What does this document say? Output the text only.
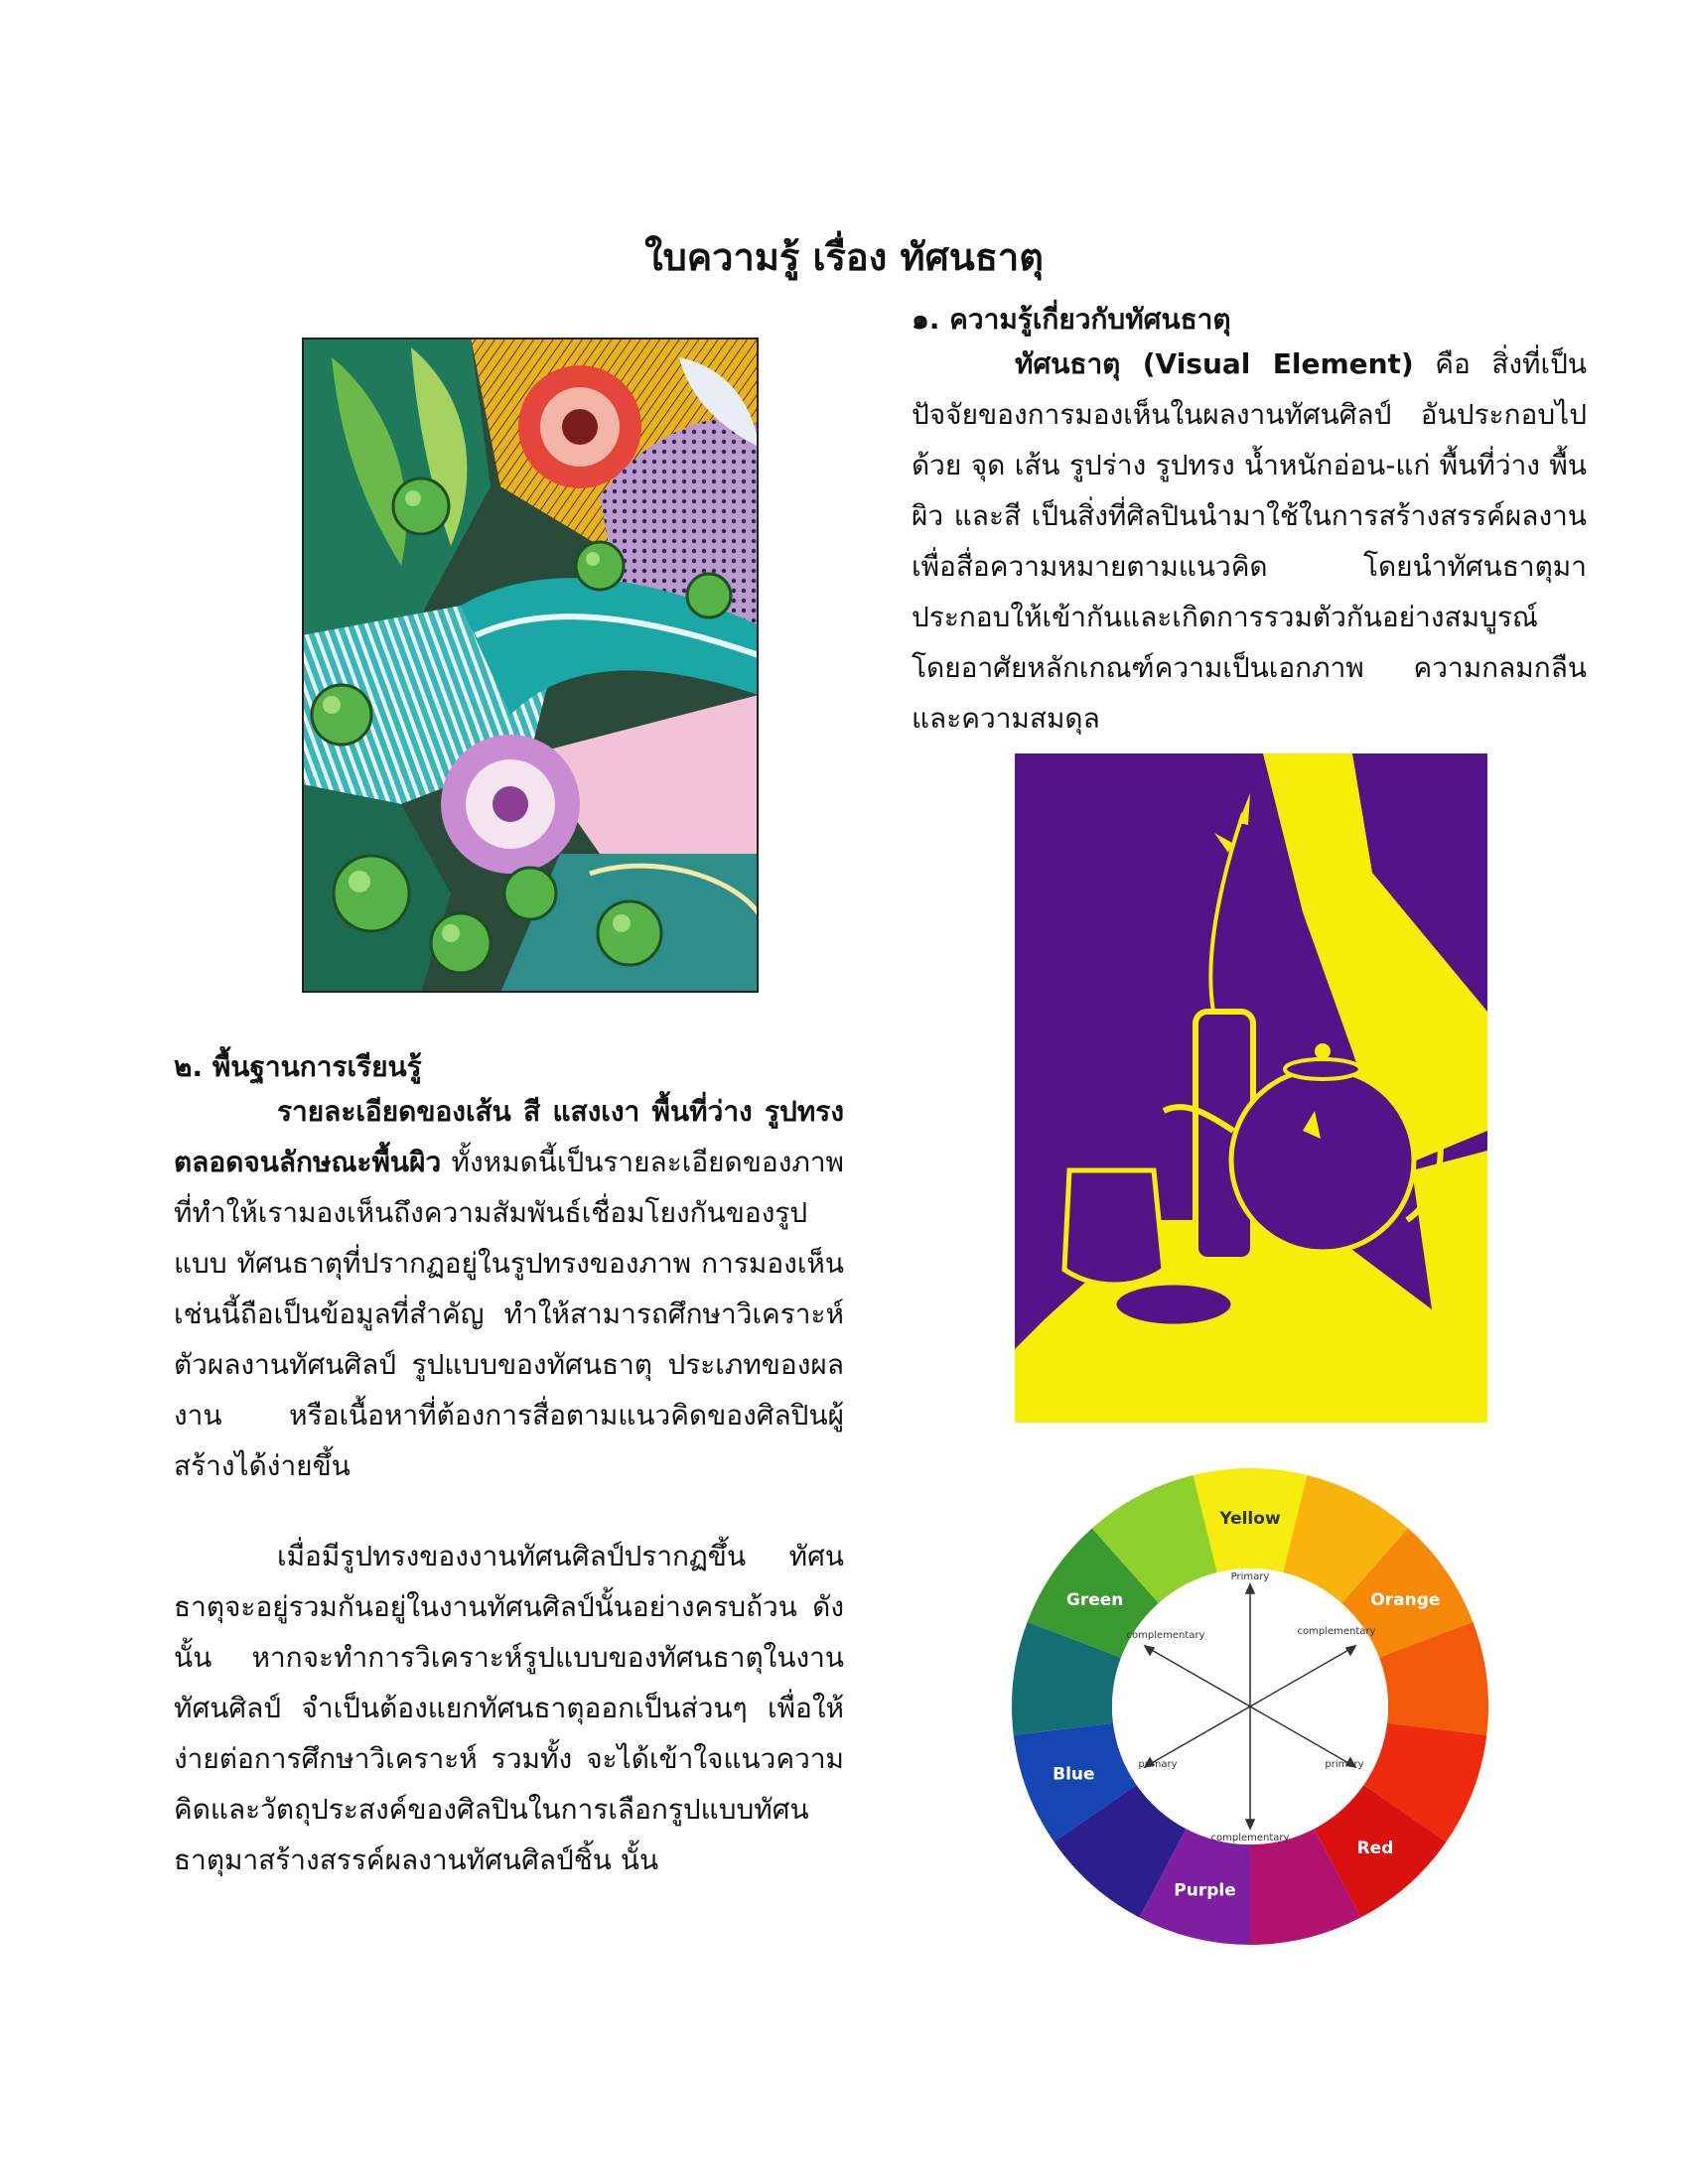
ใบความรู้ เรื่อง ทัศนธาตุ
๑. ความรู้เกี่ยวกับทัศนธาตุ
ทัศนธาตุ (Visual Element) คือ สิ่งที่เป็นปัจจัยของการมองเห็นในผลงานทัศนศิลป์ อันประกอบไปด้วย จุด เส้น รูปร่าง รูปทรง น้ำหนักอ่อน-แก่ พื้นที่ว่าง พื้นผิว และสี เป็นสิ่งที่ศิลปินนำมาใช้ในการสร้างสรรค์ผลงาน เพื่อสื่อความหมายตามแนวคิด โดยนำทัศนธาตุมาประกอบให้เข้ากันและเกิดการรวมตัวกันอย่างสมบูรณ์ โดยอาศัยหลักเกณฑ์ความเป็นเอกภาพ ความกลมกลืนและความสมดุล
๒. พื้นฐานการเรียนรู้
รายละเอียดของเส้น สี แสงเงา พื้นที่ว่าง รูปทรงตลอดจนลักษณะพื้นผิว ทั้งหมดนี้เป็นรายละเอียดของภาพ ที่ทำให้เรามองเห็นถึงความสัมพันธ์เชื่อมโยงกันของรูปแบบ ทัศนธาตุที่ปรากฏอยู่ในรูปทรงของภาพ การมองเห็นเช่นนี้ถือเป็นข้อมูลที่สำคัญ ทำให้สามารถศึกษาวิเคราะห์ตัวผลงานทัศนศิลป์ รูปแบบของทัศนธาตุ ประเภทของผลงาน หรือเนื้อหาที่ต้องการสื่อตามแนวคิดของศิลปินผู้สร้างได้ง่ายขึ้น
เมื่อมีรูปทรงของงานทัศนศิลป์ปรากฏขึ้น ทัศนธาตุจะอยู่รวมกันอยู่ในงานทัศนศิลป์นั้นอย่างครบถ้วน ดังนั้น หากจะทำการวิเคราะห์รูปแบบของทัศนธาตุในงานทัศนศิลป์ จำเป็นต้องแยกทัศนธาตุออกเป็นส่วนๆ เพื่อให้ง่ายต่อการศึกษาวิเคราะห์ รวมทั้ง จะได้เข้าใจแนวความคิดและวัตถุประสงค์ของศิลปินในการเลือกรูปแบบทัศนธาตุมาสร้างสรรค์ผลงานทัศนศิลป์ชิ้น นั้น
Primary
complementary	complementary
primary	primary
complementary
Yellow
Orange
Red
Purple
Blue
Green
